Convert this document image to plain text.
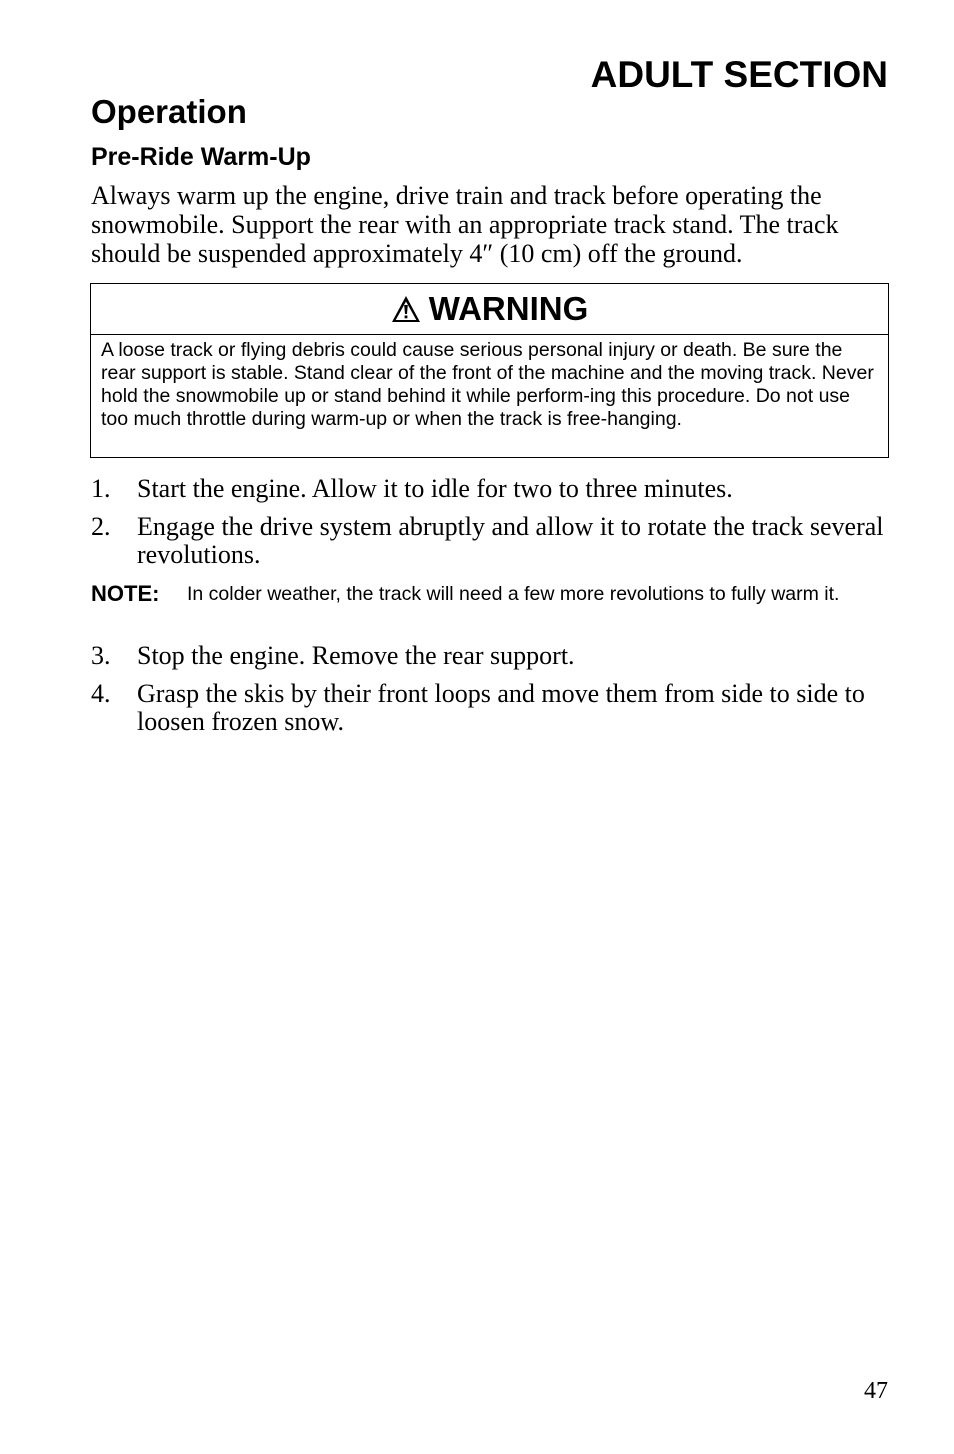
ADULT SECTION
Operation
Pre-Ride Warm-Up

Always warm up the engine, drive train and track before operating the snowmobile. Support the rear with an appropriate track stand. The track should be suspended approximately 4″ (10 cm) off the ground.

WARNING
A loose track or flying debris could cause serious personal injury or death. Be sure the rear support is stable. Stand clear of the front of the machine and the moving track. Never hold the snowmobile up or stand behind it while perform-ing this procedure. Do not use too much throttle during warm-up or when the track is free-hanging.
1.	Start the engine. Allow it to idle for two to three minutes.
2.	Engage the drive system abruptly and allow it to rotate the track several revolutions.
NOTE:	In colder weather, the track will need a few more revolutions to fully warm it.
3.	Stop the engine. Remove the rear support.
4.	Grasp the skis by their front loops and move them from side to side to loosen frozen snow.
47
